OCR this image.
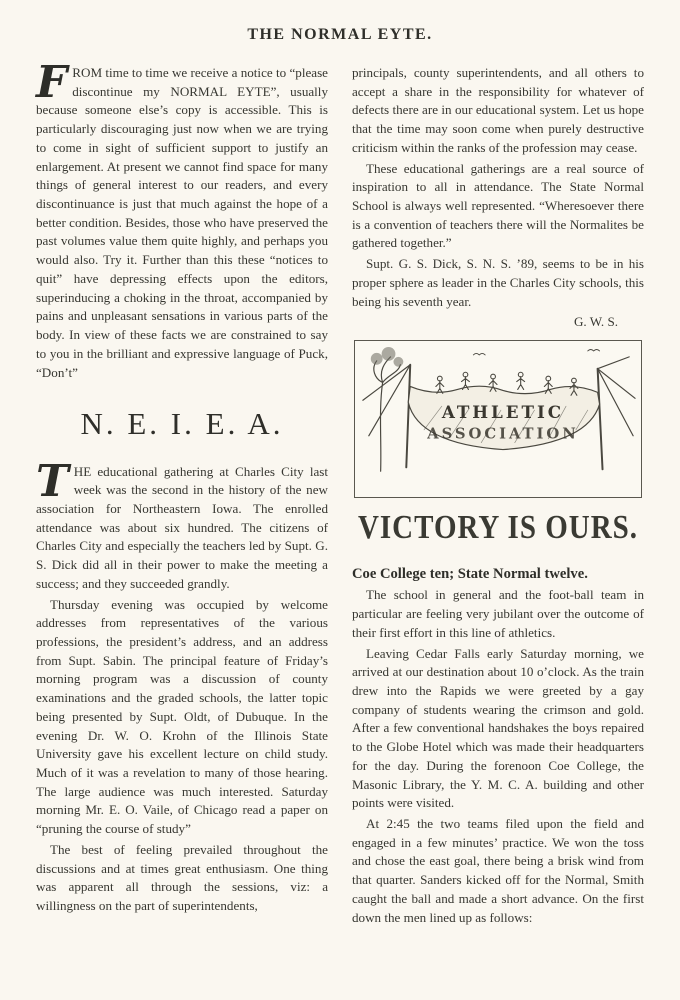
THE NORMAL EYTE.

FROM time to time we receive a notice to “please discontinue my NORMAL EYTE”, usually because someone else’s copy is accessible. This is particularly discouraging just now when we are trying to come in sight of sufficient support to justify an enlargement. At present we cannot find space for many things of general interest to our readers, and every discontinuance is just that much against the hope of a better condition. Besides, those who have preserved the past volumes value them quite highly, and perhaps you would also. Try it. Further than this these “notices to quit” have depressing effects upon the editors, superinducing a choking in the throat, accompanied by pains and unpleasant sensations in various parts of the body. In view of these facts we are constrained to say to you in the brilliant and expressive language of Puck, “Don’t”

N. E. I. E. A.

THE educational gathering at Charles City last week was the second in the history of the new association for Northeastern Iowa. The enrolled attendance was about six hundred. The citizens of Charles City and especially the teachers led by Supt. G. S. Dick did all in their power to make the meeting a success; and they succeeded grandly.

Thursday evening was occupied by welcome addresses from representatives of the various professions, the president’s address, and an address from Supt. Sabin. The principal feature of Friday’s morning program was a discussion of county examinations and the graded schools, the latter topic being presented by Supt. Oldt, of Dubuque. In the evening Dr. W. O. Krohn of the Illinois State University gave his excellent lecture on child study. Much of it was a revelation to many of those hearing. The large audience was much interested. Saturday morning Mr. E. O. Vaile, of Chicago read a paper on “pruning the course of study”

The best of feeling prevailed throughout the discussions and at times great enthusiasm. One thing was apparent all through the sessions, viz: a willingness on the part of superintendents,

principals, county superintendents, and all others to accept a share in the responsibility for whatever of defects there are in our educational system. Let us hope that the time may soon come when purely destructive criticism within the ranks of the profession may cease.

These educational gatherings are a real source of inspiration to all in attendance. The State Normal School is always well represented. “Wheresoever there is a convention of teachers there will the Normalites be gathered together.”

Supt. G. S. Dick, S. N. S. ’89, seems to be in his proper sphere as leader in the Charles City schools, this being his seventh year.

G. W. S.
ATHLETIC
ASSOCIATION
VICTORY IS OURS.

Coe College ten; State Normal twelve.

The school in general and the foot-ball team in particular are feeling very jubilant over the outcome of their first effort in this line of athletics.

Leaving Cedar Falls early Saturday morning, we arrived at our destination about 10 o’clock. As the train drew into the Rapids we were greeted by a gay company of students wearing the crimson and gold. After a few conventional handshakes the boys repaired to the Globe Hotel which was made their headquarters for the day. During the forenoon Coe College, the Masonic Library, the Y. M. C. A. building and other points were visited.

At 2:45 the two teams filed upon the field and engaged in a few minutes’ practice. We won the toss and chose the east goal, there being a brisk wind from that quarter. Sanders kicked off for the Normal, Smith caught the ball and made a short advance. On the first down the men lined up as follows:
